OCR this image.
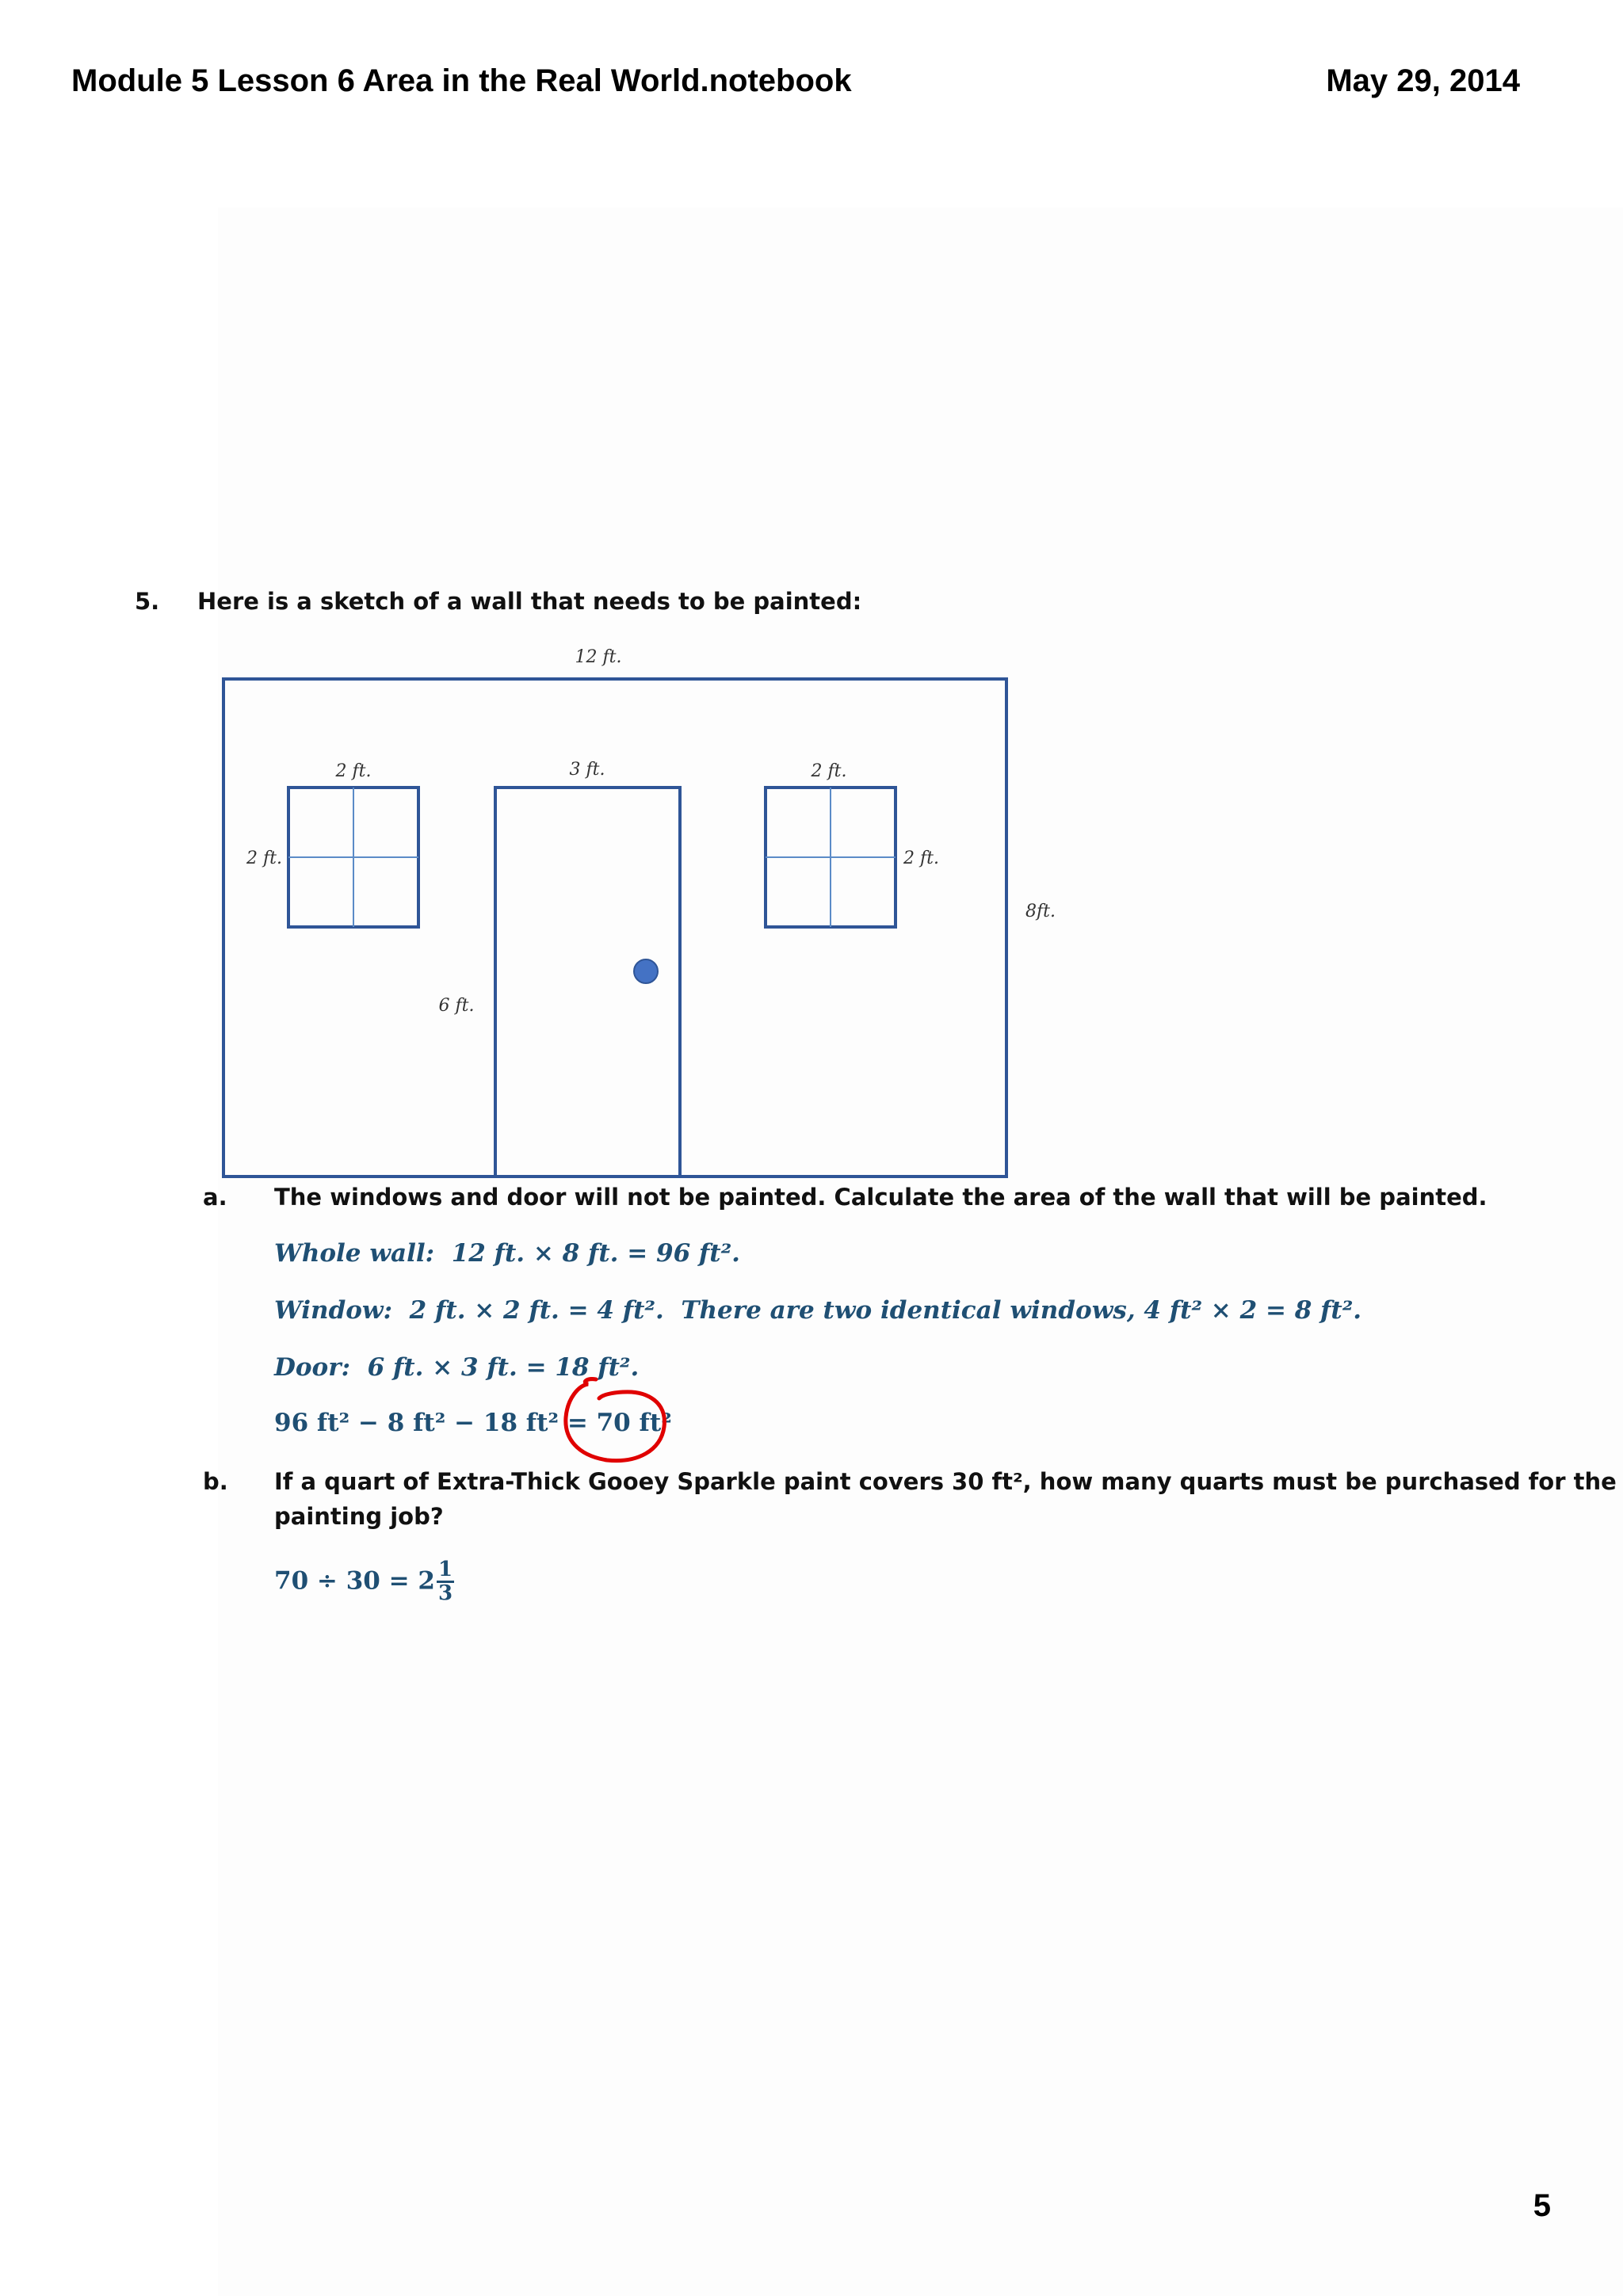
Module 5 Lesson 6 Area in the Real World.notebook	May 29, 2014
5. Here is a sketch of a wall that needs to be painted:
12 ft.
2 ft.	3 ft.	2 ft.
2 ft.	2 ft.
8ft.
6 ft.
a. The windows and door will not be painted. Calculate the area of the wall that will be painted.
Whole wall: 12 ft. × 8 ft. = 96 ft².
Window: 2 ft. × 2 ft. = 4 ft². There are two identical windows, 4 ft² × 2 = 8 ft².
Door: 6 ft. × 3 ft. = 18 ft².
96 ft² − 8 ft² − 18 ft² = 70 ft²
b. If a quart of Extra-Thick Gooey Sparkle paint covers 30 ft², how many quarts must be purchased for the
painting job?
$70 \div 30 = 2 \frac{1}{3}$
5
